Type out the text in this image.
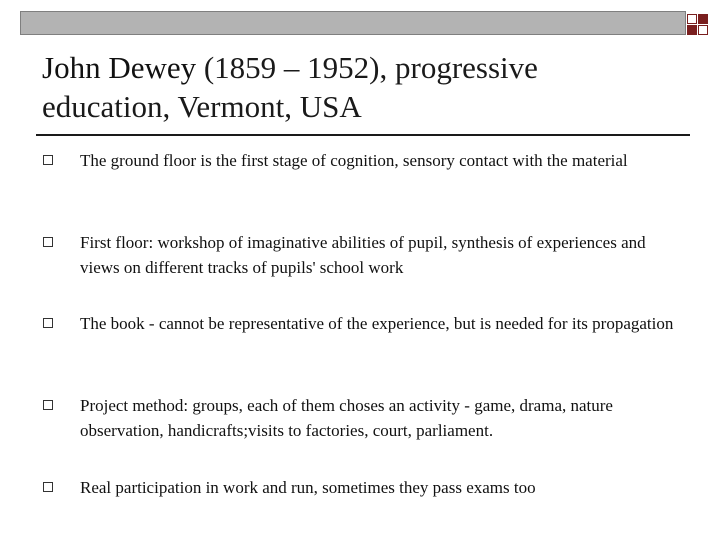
John Dewey (1859 – 1952), progressive education, Vermont, USA
The ground floor is the first stage of cognition, sensory contact with the material
First floor: workshop of imaginative abilities of pupil, synthesis of experiences and views on different tracks of pupils' school work
The book - cannot be representative of the experience, but is needed for its propagation
Project method: groups, each of them choses an activity - game, drama, nature observation, handicrafts;visits to factories, court, parliament.
Real participation in work and run, sometimes they pass exams too
